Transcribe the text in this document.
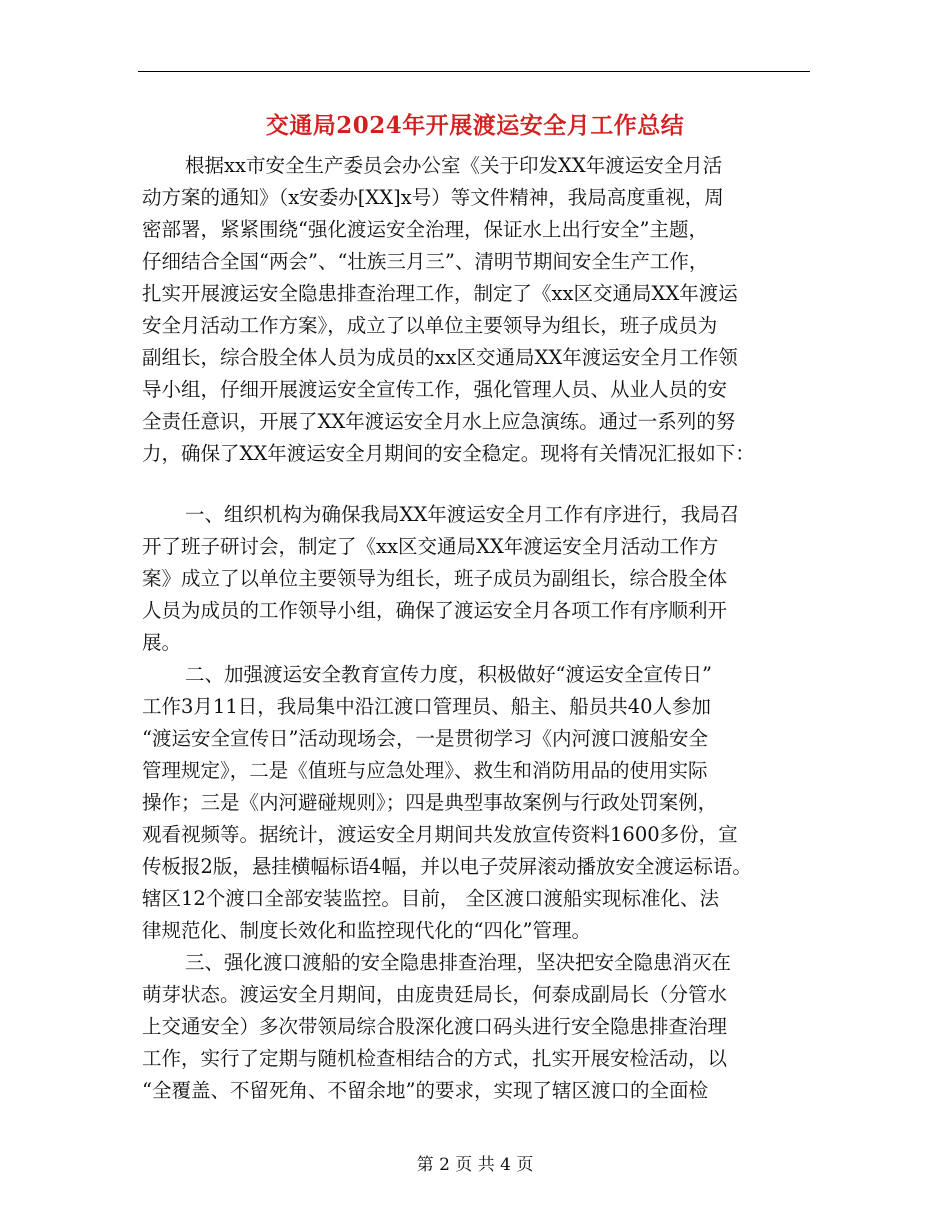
交通局2024年开展渡运安全月工作总结
根据xx市安全生产委员会办公室《关于印发XX年渡运安全月活
动方案的通知》（x安委办[XX]x号）等文件精神，我局高度重视，周
密部署，紧紧围绕“强化渡运安全治理，保证水上出行安全”主题，
仔细结合全国“两会”、“壮族三月三”、清明节期间安全生产工作，
扎实开展渡运安全隐患排查治理工作，制定了《xx区交通局XX年渡运
安全月活动工作方案》，成立了以单位主要领导为组长，班子成员为
副组长，综合股全体人员为成员的xx区交通局XX年渡运安全月工作领
导小组，仔细开展渡运安全宣传工作，强化管理人员、从业人员的安
全责任意识，开展了XX年渡运安全月水上应急演练。通过一系列的努
力，确保了XX年渡运安全月期间的安全稳定。现将有关情况汇报如下：
一、组织机构为确保我局XX年渡运安全月工作有序进行，我局召
开了班子研讨会，制定了《xx区交通局XX年渡运安全月活动工作方
案》成立了以单位主要领导为组长，班子成员为副组长，综合股全体
人员为成员的工作领导小组，确保了渡运安全月各项工作有序顺利开
展。
二、加强渡运安全教育宣传力度，积极做好“渡运安全宣传日”
工作3月11日，我局集中沿江渡口管理员、船主、船员共40人参加
“渡运安全宣传日”活动现场会，一是贯彻学习《内河渡口渡船安全
管理规定》，二是《值班与应急处理》、救生和消防用品的使用实际
操作；三是《内河避碰规则》；四是典型事故案例与行政处罚案例，
观看视频等。据统计，渡运安全月期间共发放宣传资料1600多份，宣
传板报2版，悬挂横幅标语4幅，并以电子荧屏滚动播放安全渡运标语。
辖区12个渡口全部安装监控。目前， 全区渡口渡船实现标准化、法
律规范化、制度长效化和监控现代化的“四化”管理。
三、强化渡口渡船的安全隐患排查治理，坚决把安全隐患消灭在
萌芽状态。渡运安全月期间，由庞贵廷局长，何泰成副局长（分管水
上交通安全）多次带领局综合股深化渡口码头进行安全隐患排查治理
工作，实行了定期与随机检查相结合的方式，扎实开展安检活动，以
“全覆盖、不留死角、不留余地”的要求，实现了辖区渡口的全面检
第 2 页 共 4 页
